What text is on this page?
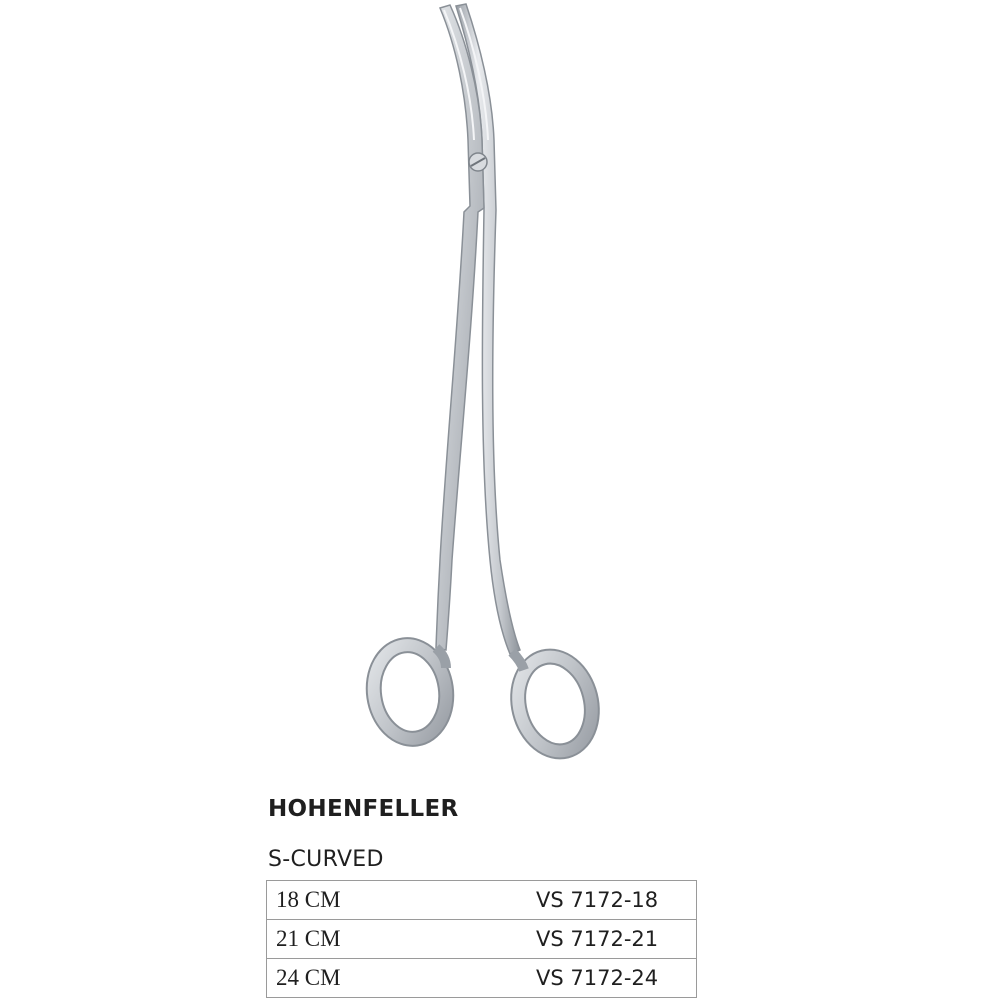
HOHENFELLER
S-CURVED
18 CM	VS 7172-18
21 CM	VS 7172-21
24 CM	VS 7172-24
